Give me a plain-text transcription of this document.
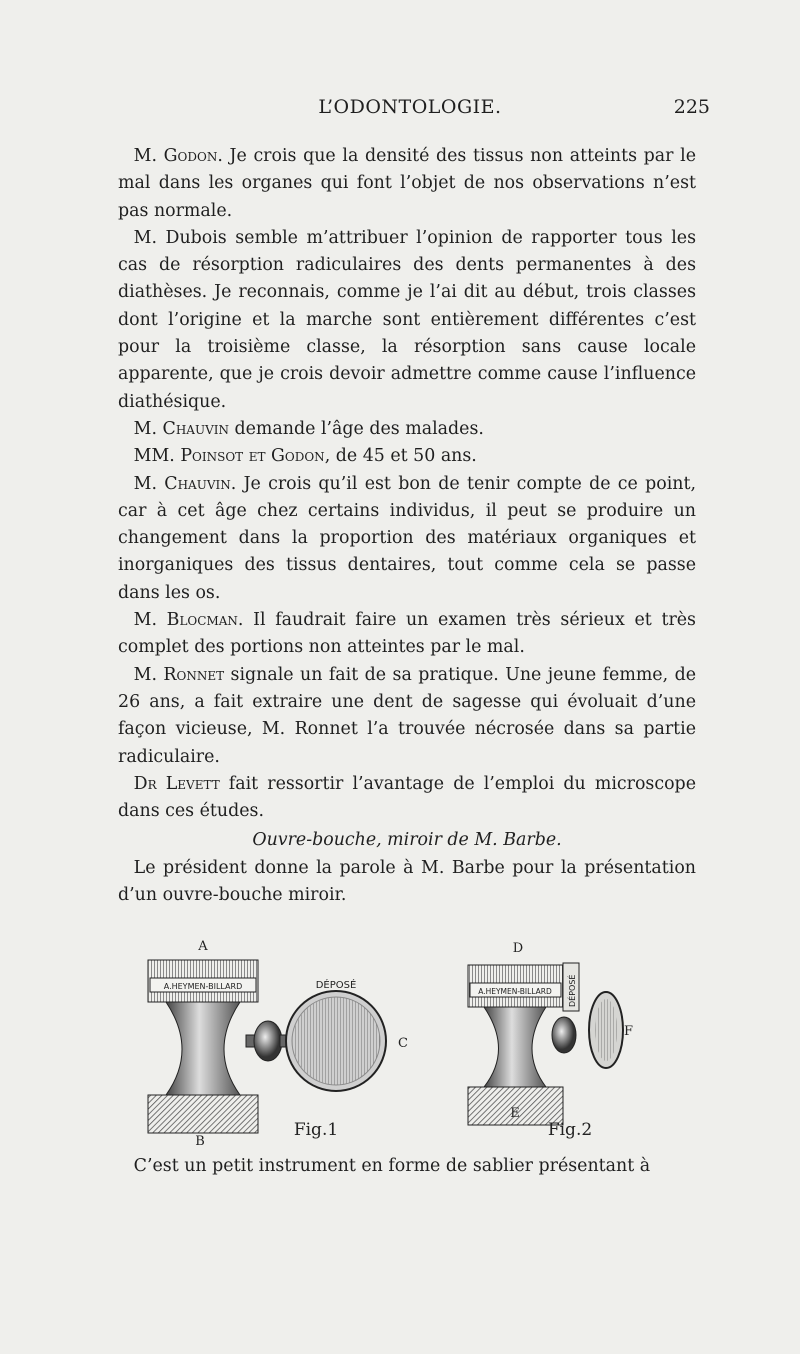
L’ODONTOLOGIE.	225

M. Godon. Je crois que la densité des tissus non atteints par le mal dans les organes qui font l’objet de nos observations n’est pas normale.

M. Dubois semble m’attribuer l’opinion de rapporter tous les cas de résorption radiculaires des dents permanentes à des diathèses. Je reconnais, comme je l’ai dit au début, trois classes dont l’origine et la marche sont entièrement différentes c’est pour la troisième classe, la résorption sans cause locale apparente, que je crois devoir admettre comme cause l’influence diathésique.

M. Chauvin demande l’âge des malades.

MM. Poinsot et Godon, de 45 et 50 ans.

M. Chauvin. Je crois qu’il est bon de tenir compte de ce point, car à cet âge chez certains individus, il peut se produire un changement dans la proportion des matériaux organiques et inorganiques des tissus dentaires, tout comme cela se passe dans les os.

M. Blocman. Il faudrait faire un examen très sérieux et très complet des portions non atteintes par le mal.

M. Ronnet signale un fait de sa pratique. Une jeune femme, de 26 ans, a fait extraire une dent de sagesse qui évoluait d’une façon vicieuse, M. Ronnet l’a trouvée nécrosée dans sa partie radiculaire.

Dr Levett fait ressortir l’avantage de l’emploi du microscope dans ces études.

Ouvre-bouche, miroir de M. Barbe.

Le président donne la parole à M. Barbe pour la présentation d’un ouvre-bouche miroir.

A.HEYMEN-BILLARD	DÉPOSÉ
A
B
C
Fig.1
A.HEYMEN-BILLARD DÉPOSÉ
D
E
F
Fig.2

C’est un petit instrument en forme de sablier présentant à
